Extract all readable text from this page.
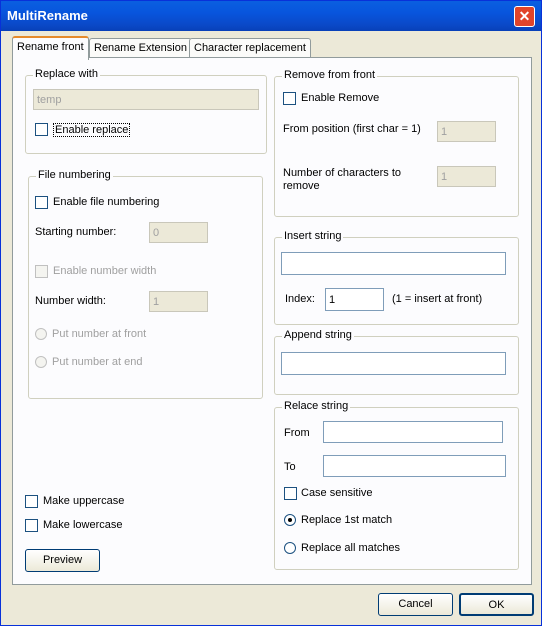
MultiRename	✕
Rename front Rename Extension Character replacement
Replace with
temp
Enable replace
File numbering
Enable file numbering
Starting number:
0
Enable number width
Number width:
1
Put number at front
Put number at end
Remove from front
Enable Remove
From position (first char = 1)
1
Number of characters to
remove
1
Insert string
Index:
1	(1 = insert at front)
Append string
Relace string
From
To
Case sensitive
Replace 1st match
Replace all matches
Make uppercase
Make lowercase
Preview
Cancel	OK
